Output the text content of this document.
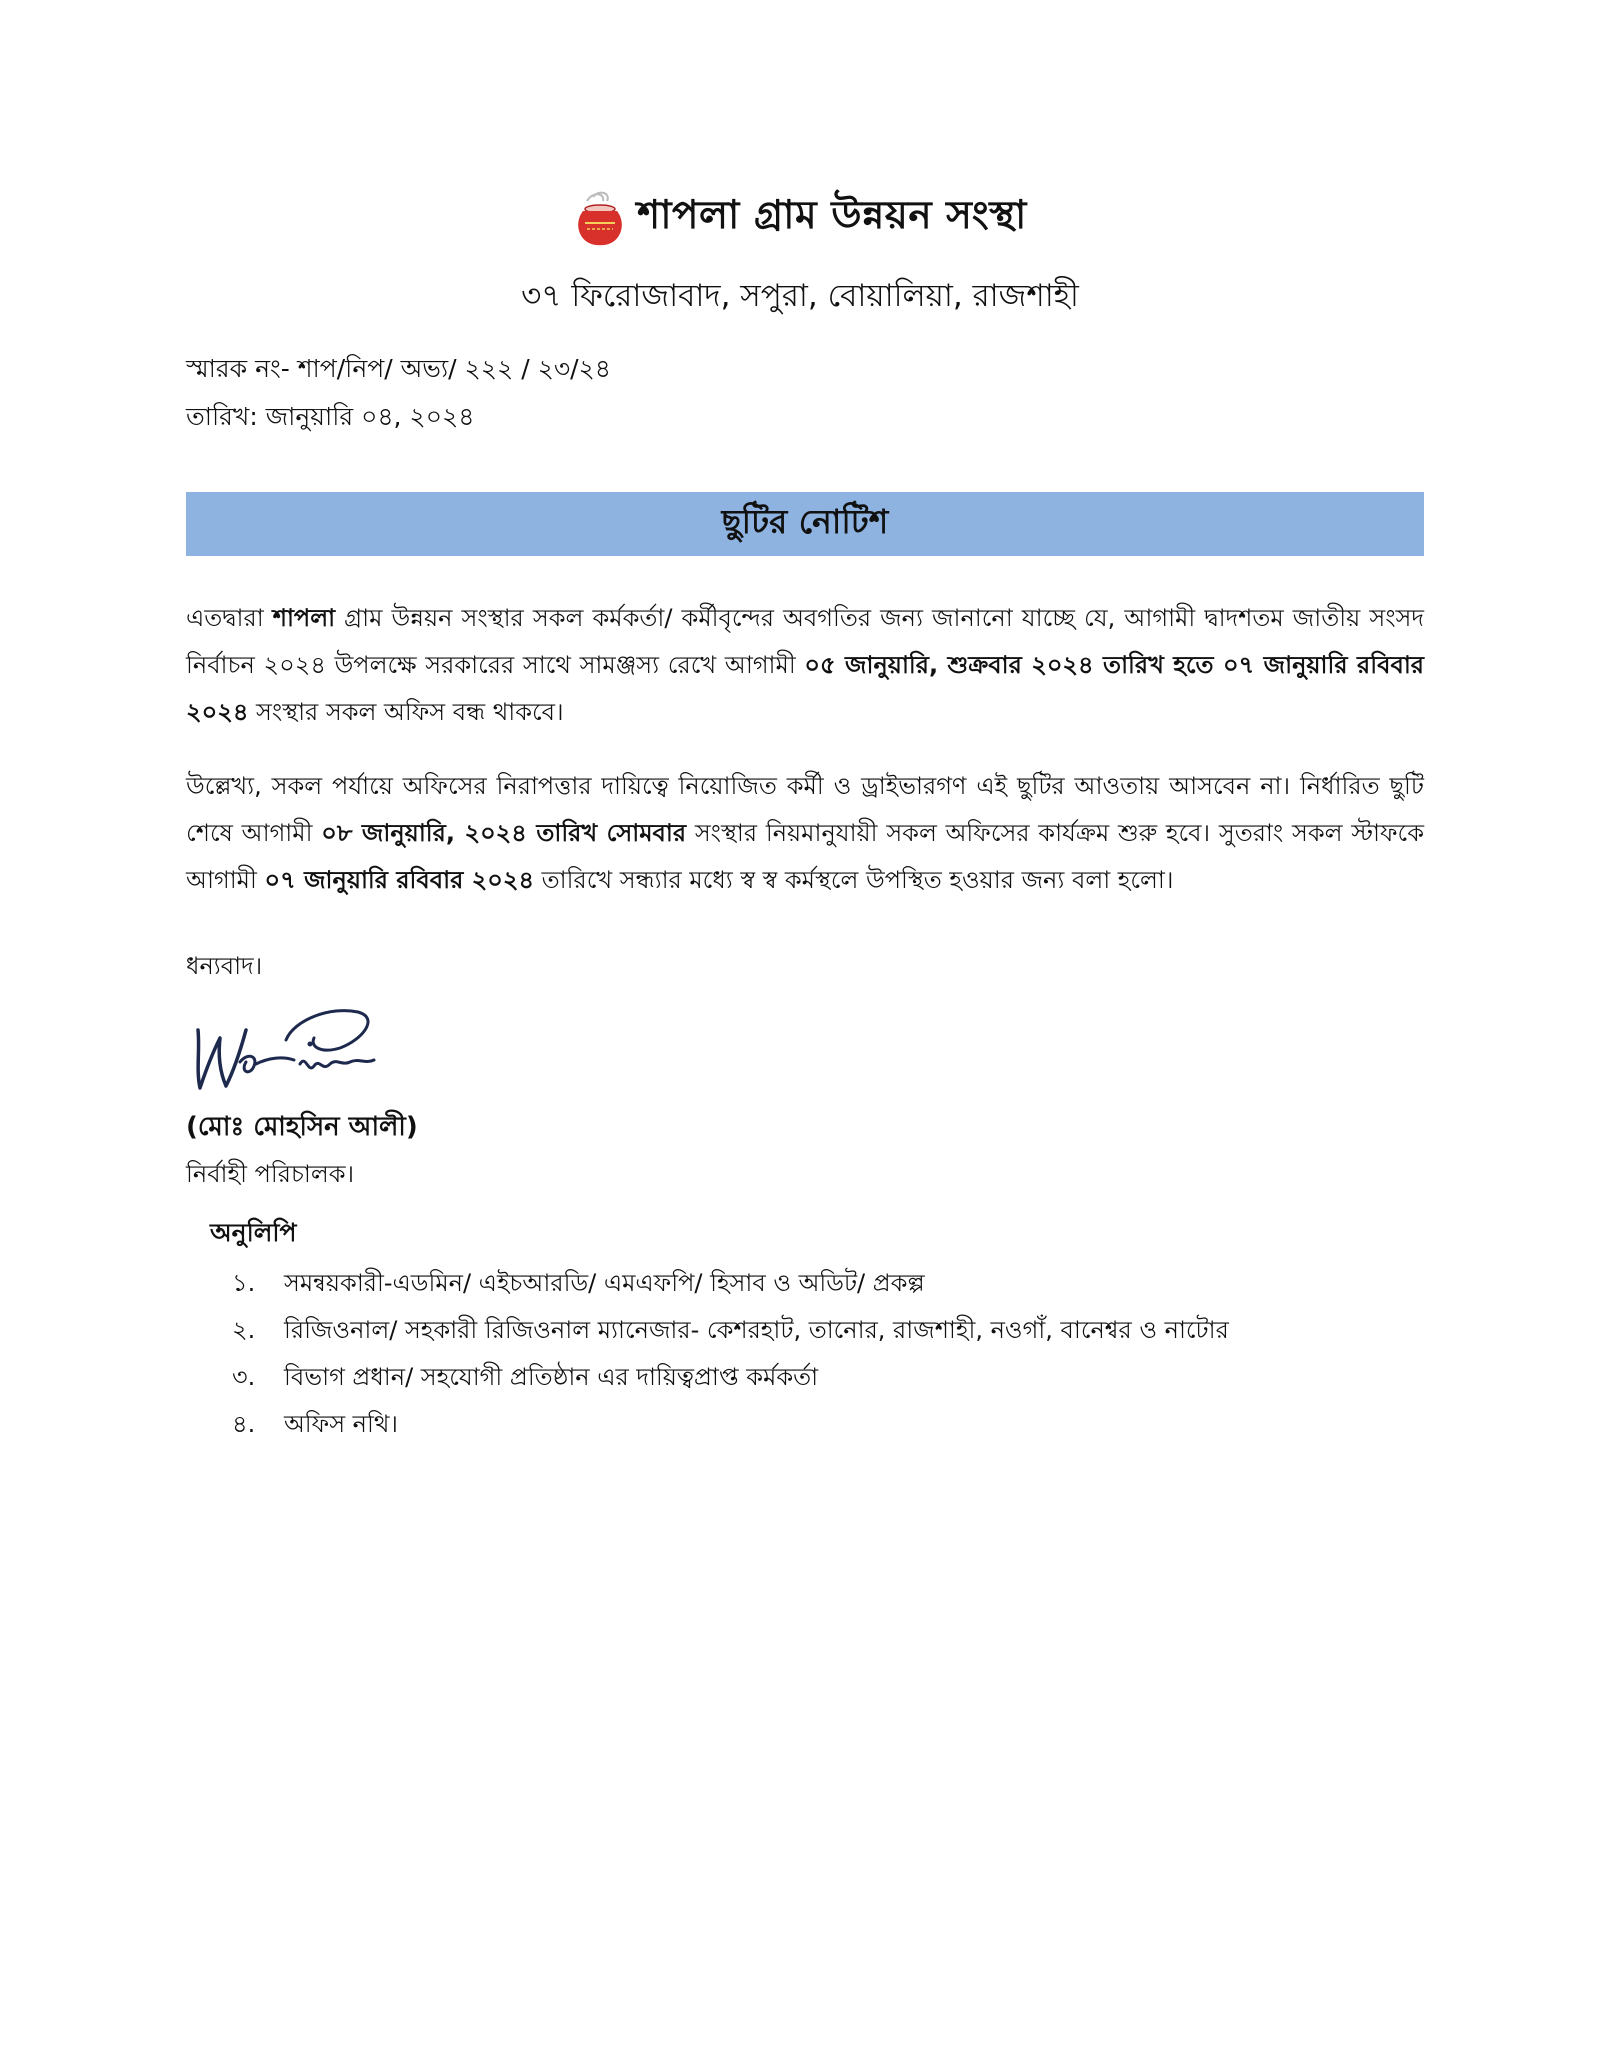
শাপলা গ্রাম উন্নয়ন সংস্থা
৩৭ ফিরোজাবাদ, সপুরা, বোয়ালিয়া, রাজশাহী
স্মারক নং- শাপ/নিপ/ অভ্য/ ২২২ / ২৩/২৪
তারিখ: জানুয়ারি ০৪, ২০২৪
ছুটির নোটিশ

এতদ্বারা শাপলা গ্রাম উন্নয়ন সংস্থার সকল কর্মকর্তা/ কর্মীবৃন্দের অবগতির জন্য জানানো যাচ্ছে যে, আগামী দ্বাদশতম জাতীয় সংসদ নির্বাচন ২০২৪ উপলক্ষে সরকারের সাথে সামঞ্জস্য রেখে আগামী ০৫ জানুয়ারি, শুক্রবার ২০২৪ তারিখ হতে ০৭ জানুয়ারি রবিবার ২০২৪ সংস্থার সকল অফিস বন্ধ থাকবে।

উল্লেখ্য, সকল পর্যায়ে অফিসের নিরাপত্তার দায়িত্বে নিয়োজিত কর্মী ও ড্রাইভারগণ এই ছুটির আওতায় আসবেন না। নির্ধারিত ছুটি শেষে আগামী ০৮ জানুয়ারি, ২০২৪ তারিখ সোমবার সংস্থার নিয়মানুযায়ী সকল অফিসের কার্যক্রম শুরু হবে। সুতরাং সকল স্টাফকে আগামী ০৭ জানুয়ারি রবিবার ২০২৪ তারিখে সন্ধ্যার মধ্যে স্ব স্ব কর্মস্থলে উপস্থিত হওয়ার জন্য বলা হলো।

ধন্যবাদ।
(মোঃ মোহসিন আলী)
নির্বাহী পরিচালক।
অনুলিপি
১.	সমন্বয়কারী-এডমিন/ এইচআরডি/ এমএফপি/ হিসাব ও অডিট/ প্রকল্প
২.	রিজিওনাল/ সহকারী রিজিওনাল ম্যানেজার- কেশরহাট, তানোর, রাজশাহী, নওগাঁ, বানেশ্বর ও নাটোর
৩.	বিভাগ প্রধান/ সহযোগী প্রতিষ্ঠান এর দায়িত্বপ্রাপ্ত কর্মকর্তা
৪.	অফিস নথি।
